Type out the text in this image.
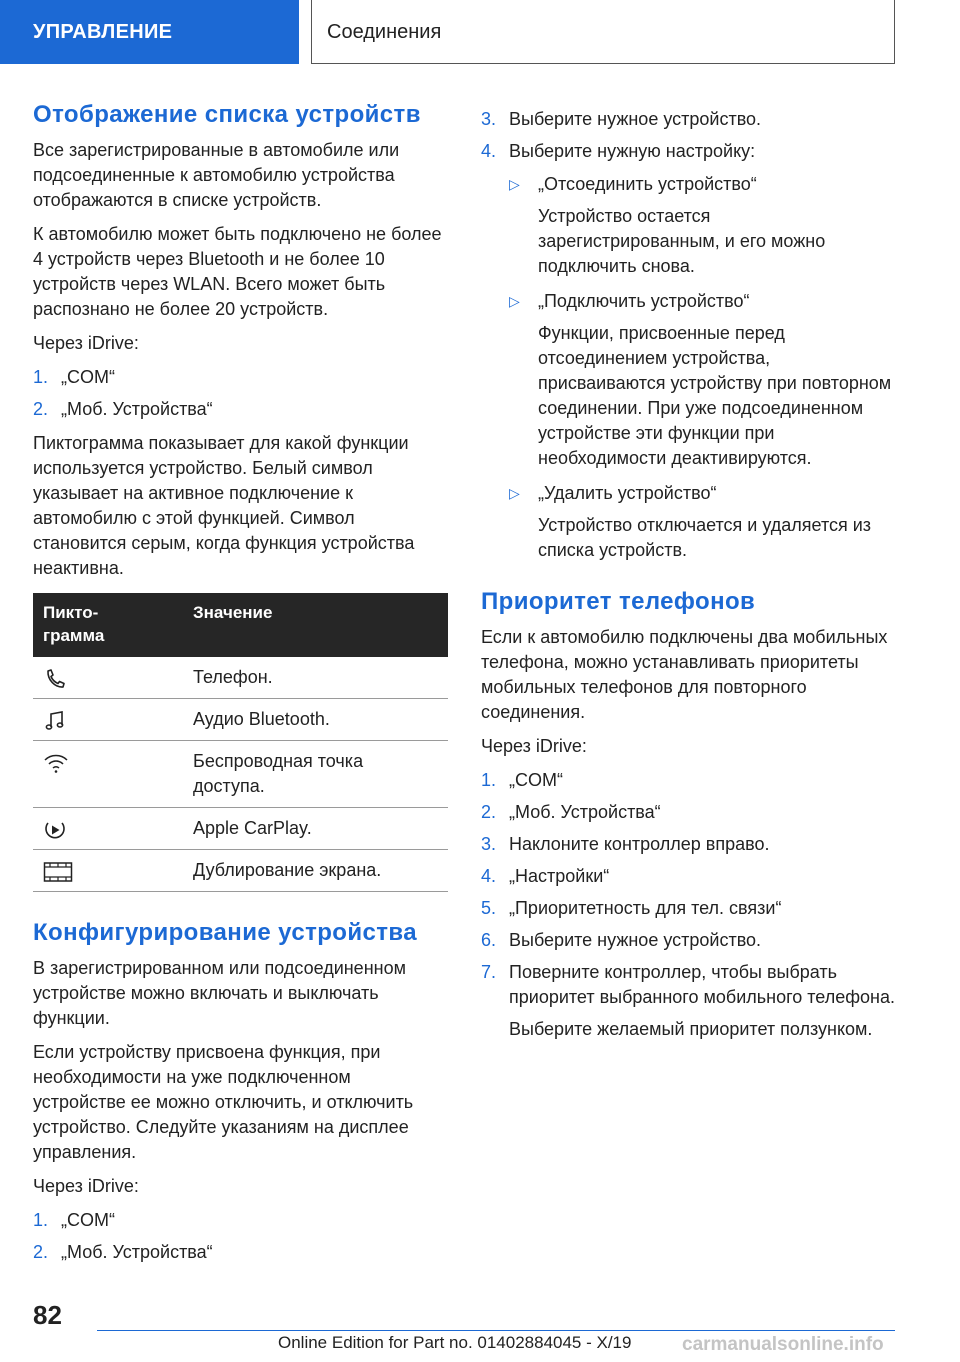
УПРАВЛЕНИЕ	Соединения
Отображение списка устройств

Все зарегистрированные в автомобиле или подсоединенные к автомобилю устройства отображаются в списке устройств.

К автомобилю может быть подключено не более 4 устройств через Bluetooth и не более 10 устройств через WLAN. Всего может быть распознано не более 20 устройств.

Через iDrive:

1. „COM“
2. „Моб. Устройства“

Пиктограмма показывает для какой функции используется устройство. Белый символ указывает на активное подключение к автомобилю с этой функцией. Символ становится серым, когда функция устройства неактивна.

Пикто-
грамма	Значение

	Телефон.

	Аудио Bluetooth.

	Беспроводная точка доступа.

	Apple CarPlay.

	Дублирование экрана.
Конфигурирование устройства

В зарегистрированном или подсоединенном устройстве можно включать и выключать функции.

Если устройству присвоена функция, при необходимости на уже подключенном устройстве ее можно отключить, и отключить устройство. Следуйте указаниям на дисплее управления.

Через iDrive:

1. „COM“
2. „Моб. Устройства“
3. Выберите нужное устройство.
4. Выберите нужную настройку:
▷ „Отсоединить устройство“
Устройство остается зарегистрированным, и его можно подключить снова.
▷ „Подключить устройство“
Функции, присвоенные перед отсоединением устройства, присваиваются устройству при повторном соединении. При уже подсоединенном устройстве эти функции при необходимости деактивируются.
▷ „Удалить устройство“
Устройство отключается и удаляется из списка устройств.
Приоритет телефонов

Если к автомобилю подключены два мобильных телефона, можно устанавливать приоритеты мобильных телефонов для повторного соединения.

Через iDrive:

1. „COM“
2. „Моб. Устройства“
3. Наклоните контроллер вправо.
4. „Настройки“
5. „Приоритетность для тел. связи“
6. Выберите нужное устройство.
7. Поверните контроллер, чтобы выбрать приоритет выбранного мобильного телефона.
Выберите желаемый приоритет ползунком.
82
Online Edition for Part no. 01402884045 - X/19	carmanualsonline.info
